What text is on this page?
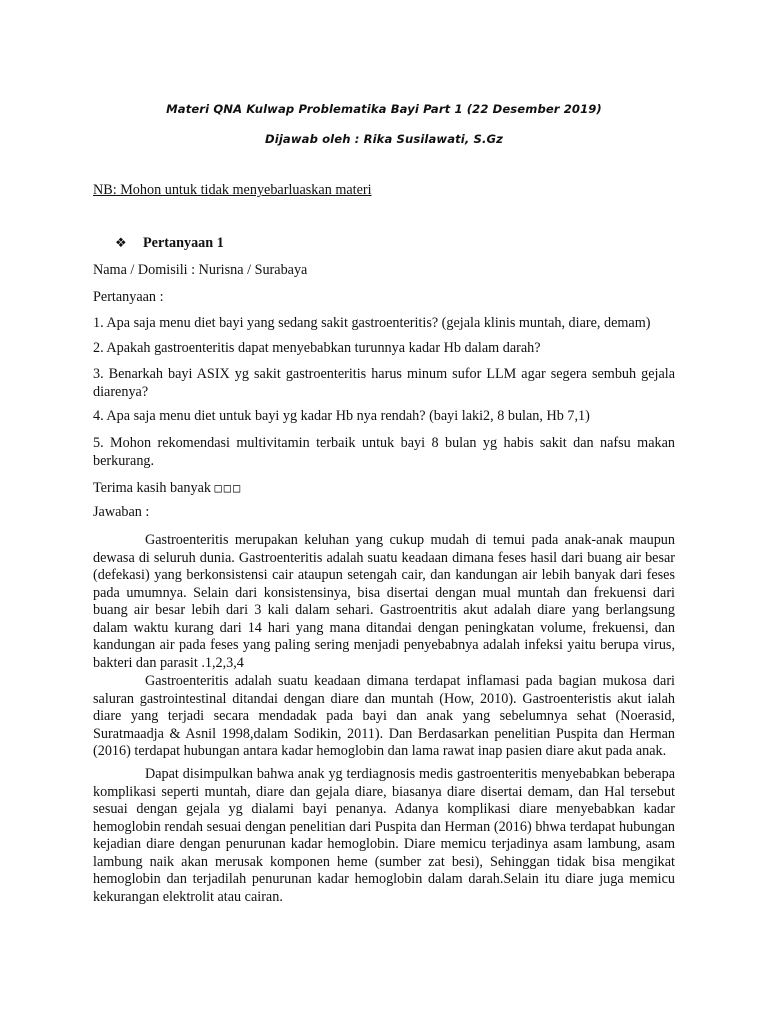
Materi QNA Kulwap Problematika Bayi Part 1 (22 Desember 2019)
Dijawab oleh : Rika Susilawati, S.Gz
NB: Mohon untuk tidak menyebarluaskan materi
❖ Pertanyaan 1
Nama / Domisili : Nurisna / Surabaya
Pertanyaan :
1. Apa saja menu diet bayi yang sedang sakit gastroenteritis? (gejala klinis muntah, diare, demam)
2. Apakah gastroenteritis dapat menyebabkan turunnya kadar Hb dalam darah?

3. Benarkah bayi ASIX yg sakit gastroenteritis harus minum sufor LLM agar segera sembuh gejala diarenya?

4. Apa saja menu diet untuk bayi yg kadar Hb nya rendah? (bayi laki2, 8 bulan, Hb 7,1)

5. Mohon rekomendasi multivitamin terbaik untuk bayi 8 bulan yg habis sakit dan nafsu makan berkurang.

Terima kasih banyak □□□
Jawaban :

Gastroenteritis merupakan keluhan yang cukup mudah di temui pada anak-anak maupun dewasa di seluruh dunia. Gastroenteritis adalah suatu keadaan dimana feses hasil dari buang air besar (defekasi) yang berkonsistensi cair ataupun setengah cair, dan kandungan air lebih banyak dari feses pada umumnya. Selain dari konsistensinya, bisa disertai dengan mual muntah dan frekuensi dari buang air besar lebih dari 3 kali dalam sehari. Gastroentritis akut adalah diare yang berlangsung dalam waktu kurang dari 14 hari yang mana ditandai dengan peningkatan volume, frekuensi, dan kandungan air pada feses yang paling sering menjadi penyebabnya adalah infeksi yaitu berupa virus, bakteri dan parasit .1,2,3,4

Gastroenteritis adalah suatu keadaan dimana terdapat inflamasi pada bagian mukosa dari saluran gastrointestinal ditandai dengan diare dan muntah (How, 2010). Gastroenteristis akut ialah diare yang terjadi secara mendadak pada bayi dan anak yang sebelumnya sehat (Noerasid, Suratmaadja & Asnil 1998,dalam Sodikin, 2011). Dan Berdasarkan penelitian Puspita dan Herman (2016) terdapat hubungan antara kadar hemoglobin dan lama rawat inap pasien diare akut pada anak.

Dapat disimpulkan bahwa anak yg terdiagnosis medis gastroenteritis menyebabkan beberapa komplikasi seperti muntah, diare dan gejala diare, biasanya diare disertai demam, dan Hal tersebut sesuai dengan gejala yg dialami bayi penanya. Adanya komplikasi diare menyebabkan kadar hemoglobin rendah sesuai dengan penelitian dari Puspita dan Herman (2016) bhwa terdapat hubungan kejadian diare dengan penurunan kadar hemoglobin. Diare memicu terjadinya asam lambung, asam lambung naik akan merusak komponen heme (sumber zat besi), Sehinggan tidak bisa mengikat hemoglobin dan terjadilah penurunan kadar hemoglobin dalam darah.Selain itu diare juga memicu kekurangan elektrolit atau cairan.
